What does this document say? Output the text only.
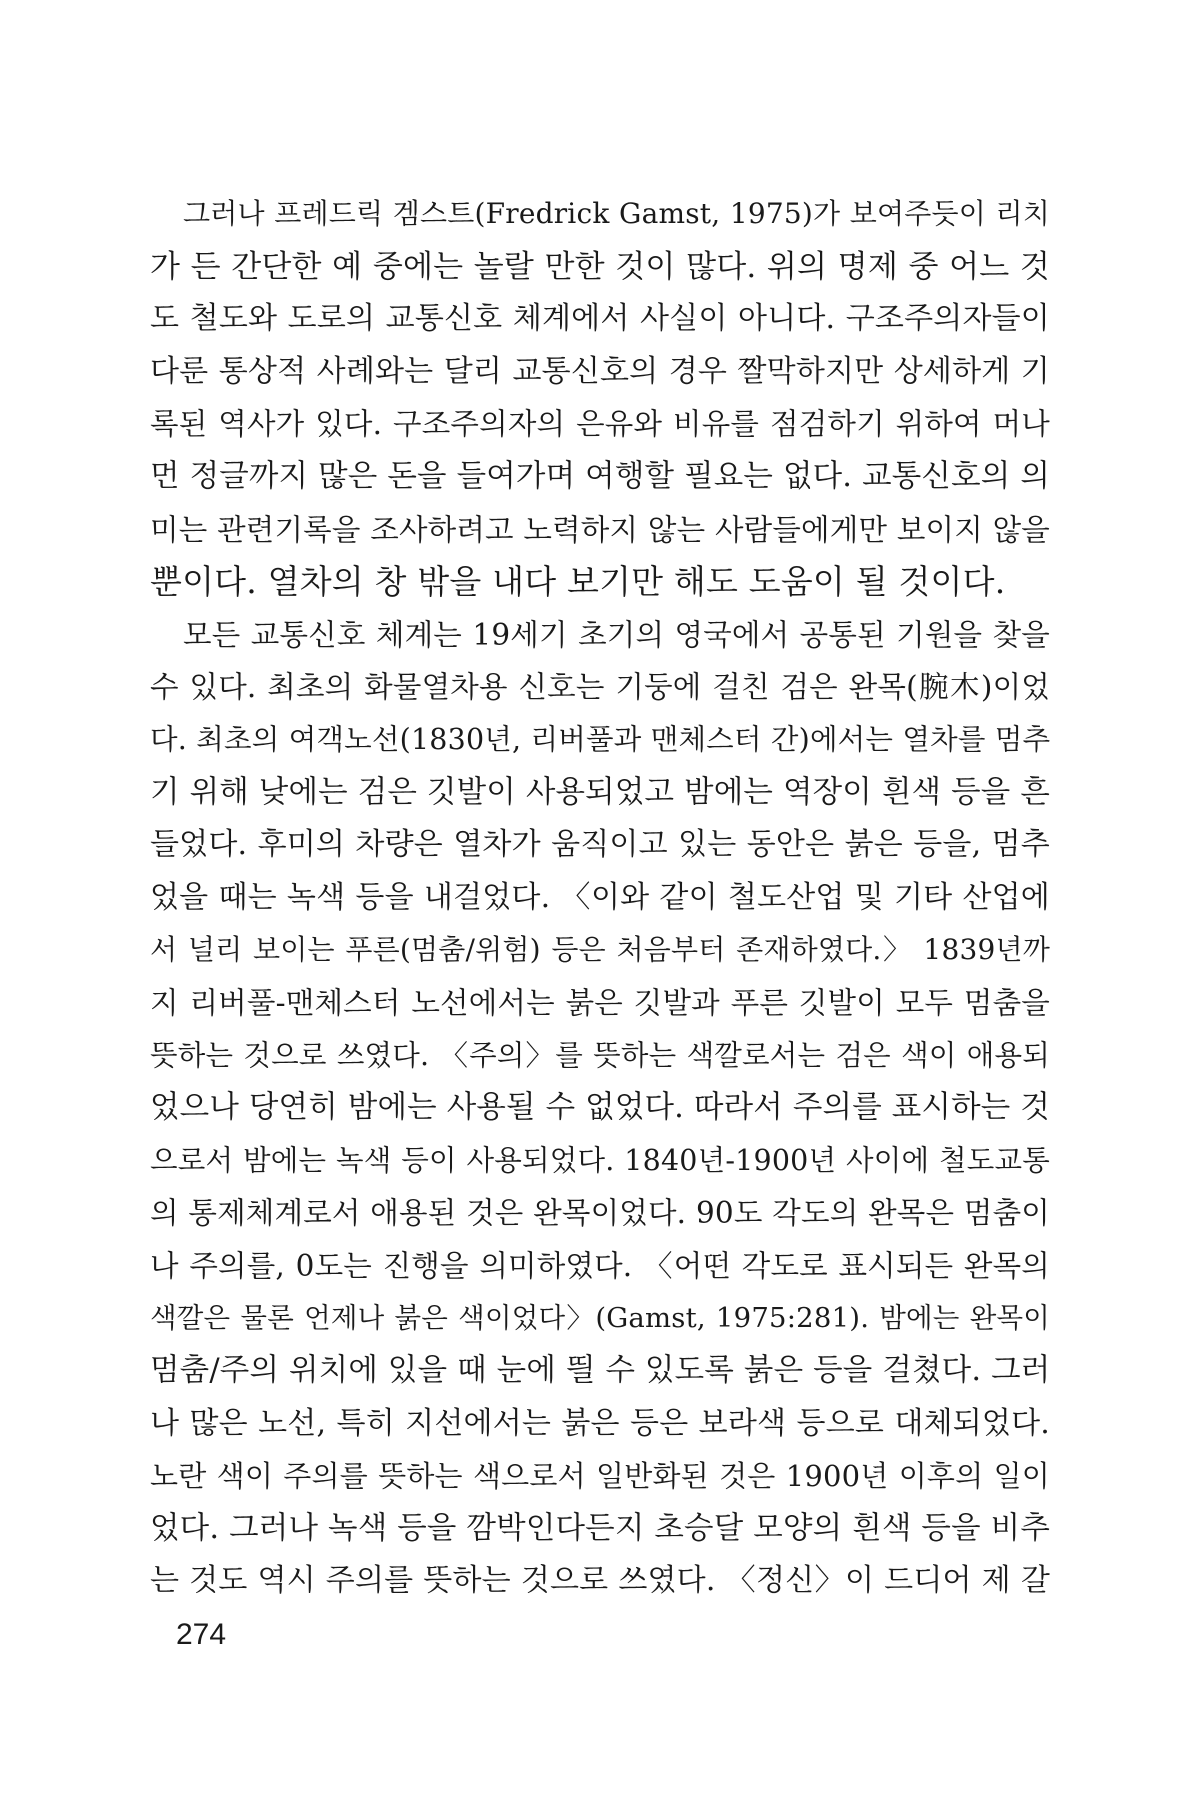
그러나 프레드릭 겜스트(Fredrick Gamst, 1975)가 보여주듯이 리치
가 든 간단한 예 중에는 놀랄 만한 것이 많다. 위의 명제 중 어느 것
도 철도와 도로의 교통신호 체계에서 사실이 아니다. 구조주의자들이
다룬 통상적 사례와는 달리 교통신호의 경우 짤막하지만 상세하게 기
록된 역사가 있다. 구조주의자의 은유와 비유를 점검하기 위하여 머나
먼 정글까지 많은 돈을 들여가며 여행할 필요는 없다. 교통신호의 의
미는 관련기록을 조사하려고 노력하지 않는 사람들에게만 보이지 않을
뿐이다. 열차의 창 밖을 내다 보기만 해도 도움이 될 것이다.
모든 교통신호 체계는 19세기 초기의 영국에서 공통된 기원을 찾을
수 있다. 최초의 화물열차용 신호는 기둥에 걸친 검은 완목(腕木)이었
다. 최초의 여객노선(1830년, 리버풀과 맨체스터 간)에서는 열차를 멈추
기 위해 낮에는 검은 깃발이 사용되었고 밤에는 역장이 흰색 등을 흔
들었다. 후미의 차량은 열차가 움직이고 있는 동안은 붉은 등을, 멈추
었을 때는 녹색 등을 내걸었다. 〈이와 같이 철도산업 및 기타 산업에
서 널리 보이는 푸른(멈춤/위험) 등은 처음부터 존재하였다.〉 1839년까
지 리버풀-맨체스터 노선에서는 붉은 깃발과 푸른 깃발이 모두 멈춤을
뜻하는 것으로 쓰였다. 〈주의〉를 뜻하는 색깔로서는 검은 색이 애용되
었으나 당연히 밤에는 사용될 수 없었다. 따라서 주의를 표시하는 것
으로서 밤에는 녹색 등이 사용되었다. 1840년-1900년 사이에 철도교통
의 통제체계로서 애용된 것은 완목이었다. 90도 각도의 완목은 멈춤이
나 주의를, 0도는 진행을 의미하였다. 〈어떤 각도로 표시되든 완목의
색깔은 물론 언제나 붉은 색이었다〉(Gamst, 1975:281). 밤에는 완목이
멈춤/주의 위치에 있을 때 눈에 띌 수 있도록 붉은 등을 걸쳤다. 그러
나 많은 노선, 특히 지선에서는 붉은 등은 보라색 등으로 대체되었다.
노란 색이 주의를 뜻하는 색으로서 일반화된 것은 1900년 이후의 일이
었다. 그러나 녹색 등을 깜박인다든지 초승달 모양의 흰색 등을 비추
는 것도 역시 주의를 뜻하는 것으로 쓰였다. 〈정신〉이 드디어 제 갈
274
